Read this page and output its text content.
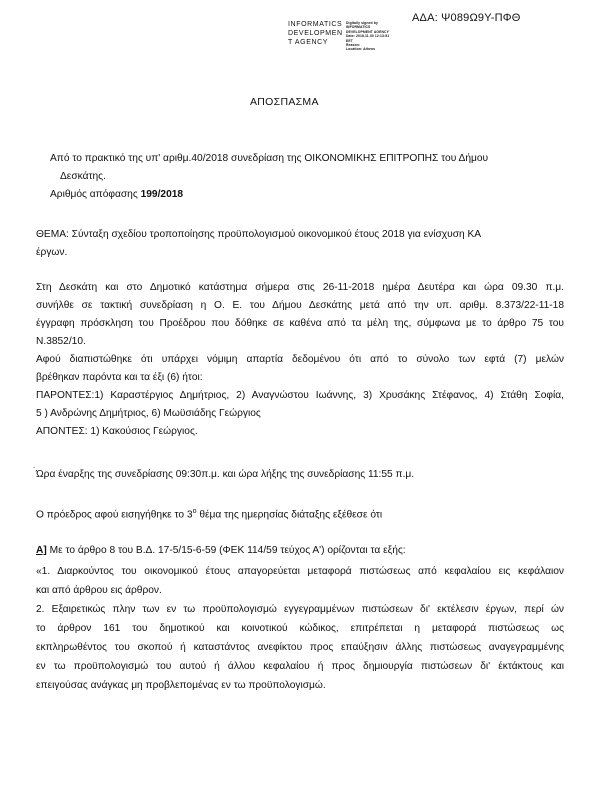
ΑΔΑ: Ψ089Ω9Υ-ΠΦΘ
INFORMATICS
DEVELOPMEN
T AGENCY
Digitally signed by
INFORMATICS
DEVELOPMENT AGENCY
Date: 2018.11.30 12:13:51
EET
Reason:
Location: Athens
ΑΠΟΣΠΑΣΜΑ
Από το πρακτικό της υπ' αριθμ.40/2018 συνεδρίαση της ΟΙΚΟΝΟΜΙΚΗΣ ΕΠΙΤΡΟΠΗΣ του Δήμου
Δεσκάτης.
Αριθμός απόφασης 199/2018
ΘΕΜΑ: Σύνταξη σχεδίου τροποποίησης προϋπολογισμού οικονομικού έτους 2018 για ενίσχυση ΚΑ
έργων.
Στη Δεσκάτη και στο Δημοτικό κατάστημα σήμερα στις 26-11-2018 ημέρα Δευτέρα και ώρα 09.30 π.μ.
συνήλθε σε τακτική συνεδρίαση η Ο. Ε. του Δήμου Δεσκάτης μετά από την υπ. αριθμ. 8.373/22-11-18
έγγραφη πρόσκληση του Προέδρου που δόθηκε σε καθένα από τα μέλη της, σύμφωνα με το άρθρο 75 του
Ν.3852/10.
Αφού διαπιστώθηκε ότι υπάρχει νόμιμη απαρτία δεδομένου ότι από το σύνολο των εφτά (7) μελών
βρέθηκαν παρόντα και τα έξι (6) ήτοι:
ΠΑΡΟΝΤΕΣ:1) Καραστέργιος Δημήτριος, 2) Αναγνώστου Ιωάννης, 3) Χρυσάκης Στέφανος, 4) Στάθη Σοφία,
5 ) Ανδρώνης Δημήτριος, 6) Μωϋσιάδης Γεώργιος
ΑΠΟΝΤΕΣ: 1) Κακούσιος Γεώργιος.
.
Ώρα έναρξης της συνεδρίασης 09:30π.μ. και ώρα λήξης της συνεδρίασης 11:55 π.μ.
Ο πρόεδρος αφού εισηγήθηκε το $3^o$ θέμα της ημερησίας διάταξης εξέθεσε ότι
Α] Με το άρθρο 8 του Β.Δ. 17-5/15-6-59 (ΦΕΚ 114/59 τεύχος Α') ορίζονται τα εξής:
«1. Διαρκούντος του οικονομικού έτους απαγορεύεται μεταφορά πιστώσεως από κεφαλαίου εις κεφάλαιον
και από άρθρου εις άρθρον.
2. Εξαιρετικώς πλην των εν τω προϋπολογισμώ εγγεγραμμένων πιστώσεων δι' εκτέλεσιν έργων, περί ών
το άρθρον 161 του δημοτικού και κοινοτικού κώδικος, επιτρέπεται η μεταφορά πιστώσεως ως
εκπληρωθέντος του σκοπού ή καταστάντος ανεφίκτου προς επαύξησιν άλλης πιστώσεως αναγεγραμμένης
εν τω προϋπολογισμώ του αυτού ή άλλου κεφαλαίου ή προς δημιουργία πιστώσεων δι' έκτάκτους και
επειγούσας ανάγκας μη προβλεπομένας εν τω προϋπολογισμώ.
